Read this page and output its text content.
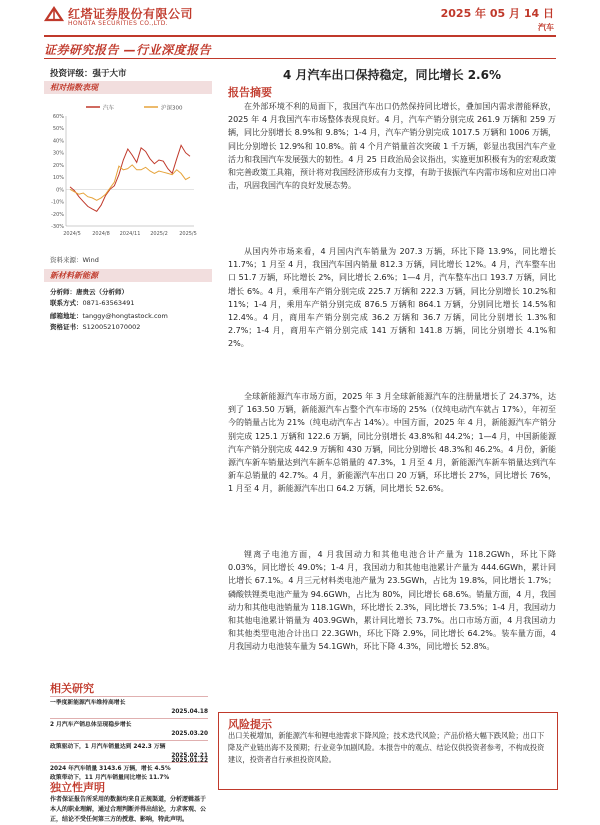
红塔证券股份有限公司
HONGTA SECURITIES CO.,LTD.
2025 年 05 月 14 日
汽车
证券研究报告 —行业深度报告
投资评级：强于大市
相对指数表现
汽车	沪深300
60%
50%
40%
30%
20%
10%
0%
-10%
-20%
-30%
2024/5 2024/8 2024/11 2025/2 2025/5
资料来源：Wind
新材料新能源
分析师：唐贵云（分析师）
联系方式：0871-63563491
邮箱地址：tanggy@hongtastock.com
资格证书：S1200521070002
相关研究
一季度新能源汽车维持高增长
2025.04.18
2 月汽车产销总体呈现稳步增长
2025.03.20
政策驱动下，1 月汽车销量达到 242.3 万辆
2025.02.21
2024 年汽车销量 3143.6 万辆，增长 4.5%
2025.01.22
政策带动下，11 月汽车销量同比增长 11.7%
独立性声明
作者保证报告所采用的数据均来自正规渠道，分析逻辑基于本人的职业理解，通过合理判断并得出结论，力求客观、公正，结论不受任何第三方的授意、影响，特此声明。
4 月汽车出口保持稳定，同比增长 2.6%
报告摘要
在外部环境不利的局面下，我国汽车出口仍然保持同比增长，叠加国内需求潜能释放，2025 年 4 月我国汽车市场整体表现良好。4 月，汽车产销分别完成 261.9 万辆和 259 万辆，同比分别增长 8.9%和 9.8%；1-4 月，汽车产销分别完成 1017.5 万辆和 1006 万辆，同比分别增长 12.9%和 10.8%。前 4 个月产销量首次突破 1 千万辆，彰显出我国汽车产业活力和我国汽车发展强大的韧性。4 月 25 日政治局会议指出，实施更加积极有为的宏观政策和完善政策工具箱，预计将对我国经济形成有力支撑，有助于拔振汽车内需市场和应对出口冲击，巩固我国汽车的良好发展态势。
从国内外市场来看，4 月国内汽车销量为 207.3 万辆，环比下降 13.9%，同比增长 11.7%；1 月至 4 月，我国汽车国内销量 812.3 万辆，同比增长 12%。4 月，汽车整车出口 51.7 万辆，环比增长 2%，同比增长 2.6%；1—4 月，汽车整车出口 193.7 万辆，同比增长 6%。4 月，乘用车产销分别完成 225.7 万辆和 222.3 万辆，同比分别增长 10.2%和 11%；1-4 月，乘用车产销分别完成 876.5 万辆和 864.1 万辆，分别同比增长 14.5%和 12.4%。4 月，商用车产销分别完成 36.2 万辆和 36.7 万辆，同比分别增长 1.3%和 2.7%；1-4 月，商用车产销分别完成 141 万辆和 141.8 万辆，同比分别增长 4.1%和 2%。
全球新能源汽车市场方面，2025 年 3 月全球新能源汽车的注册量增长了 24.37%，达到了 163.50 万辆，新能源汽车占整个汽车市场的 25%（仅纯电动汽车就占 17%），年初至今的销量占比为 21%（纯电动汽车占 14%）。中国方面，2025 年 4 月，新能源汽车产销分别完成 125.1 万辆和 122.6 万辆，同比分别增长 43.8%和 44.2%；1—4 月，中国新能源汽车产销分别完成 442.9 万辆和 430 万辆，同比分别增长 48.3%和 46.2%。4 月份，新能源汽车新车销量达到汽车新车总销量的 47.3%，1 月至 4 月，新能源汽车新车销量达到汽车新车总销量的 42.7%。4 月，新能源汽车出口 20 万辆，环比增长 27%，同比增长 76%，1 月至 4 月，新能源汽车出口 64.2 万辆，同比增长 52.6%。
锂离子电池方面，4 月我国动力和其他电池合计产量为 118.2GWh，环比下降 0.03%，同比增长 49.0%；1-4 月，我国动力和其他电池累计产量为 444.6GWh，累计同比增长 67.1%。4 月三元材料类电池产量为 23.5GWh，占比为 19.8%，同比增长 1.7%；磷酸铁锂类电池产量为 94.6GWh，占比为 80%，同比增长 68.6%。销量方面，4 月，我国动力和其他电池销量为 118.1GWh，环比增长 2.3%，同比增长 73.5%；1-4 月，我国动力和其他电池累计销量为 403.9GWh，累计同比增长 73.7%。出口市场方面，4 月我国动力和其他类型电池合计出口 22.3GWh，环比下降 2.9%，同比增长 64.2%。装车量方面，4 月我国动力电池装车量为 54.1GWh，环比下降 4.3%，同比增长 52.8%。
风险提示
出口关税增加，新能源汽车和锂电池需求下降风险；技术迭代风险；产品价格大幅下跌风险；出口下降及产业链出海不及预期；行业竞争加剧风险。本报告中的观点、结论仅供投资者参考，不构成投资建议，投资者自行承担投资风险。
